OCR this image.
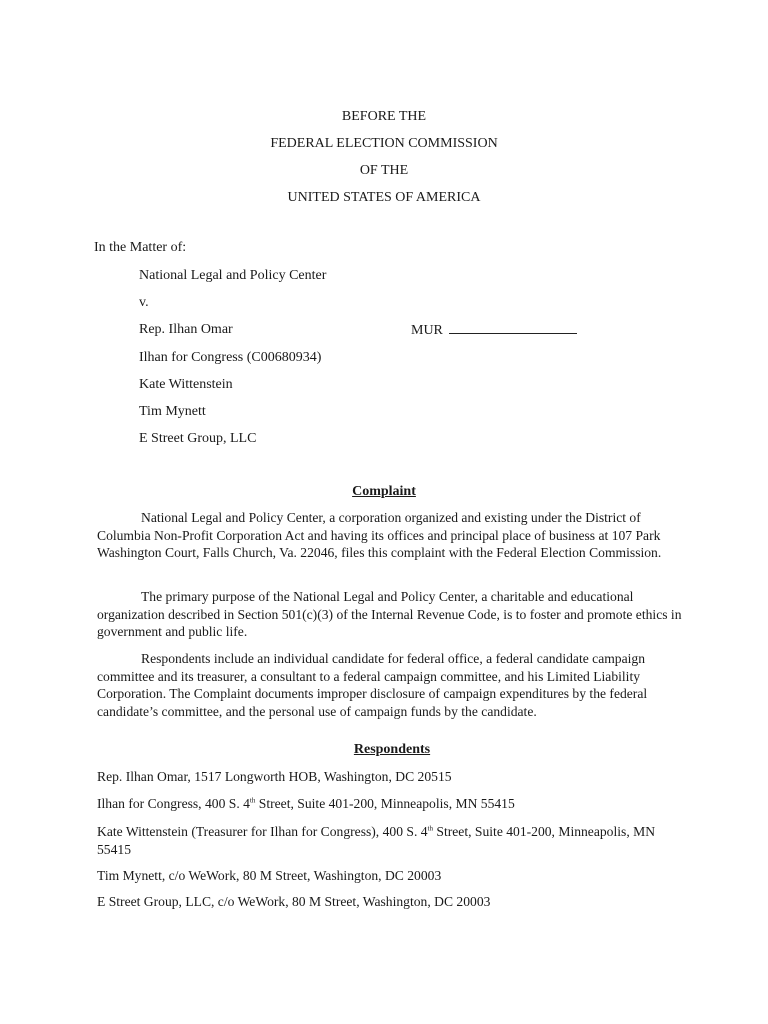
BEFORE THE
FEDERAL ELECTION COMMISSION
OF THE
UNITED STATES OF AMERICA
In the Matter of:
National Legal and Policy Center
v.
Rep. Ilhan Omar
Ilhan for Congress (C00680934)
Kate Wittenstein
Tim Mynett
E Street Group, LLC
MUR
Complaint
National Legal and Policy Center, a corporation organized and existing under the District of Columbia Non-Profit Corporation Act and having its offices and principal place of business at 107 Park Washington Court, Falls Church, Va. 22046, files this complaint with the Federal Election Commission.
The primary purpose of the National Legal and Policy Center, a charitable and educational organization described in Section 501(c)(3) of the Internal Revenue Code, is to foster and promote ethics in government and public life.
Respondents include an individual candidate for federal office, a federal candidate campaign committee and its treasurer, a consultant to a federal campaign committee, and his Limited Liability Corporation. The Complaint documents improper disclosure of campaign expenditures by the federal candidate’s committee, and the personal use of campaign funds by the candidate.
Respondents
Rep. Ilhan Omar, 1517 Longworth HOB, Washington, DC 20515
Ilhan for Congress, 400 S. 4th Street, Suite 401-200, Minneapolis, MN 55415
Kate Wittenstein (Treasurer for Ilhan for Congress), 400 S. 4th Street, Suite 401-200, Minneapolis, MN 55415
Tim Mynett, c/o WeWork, 80 M Street, Washington, DC 20003
E Street Group, LLC, c/o WeWork, 80 M Street, Washington, DC 20003
